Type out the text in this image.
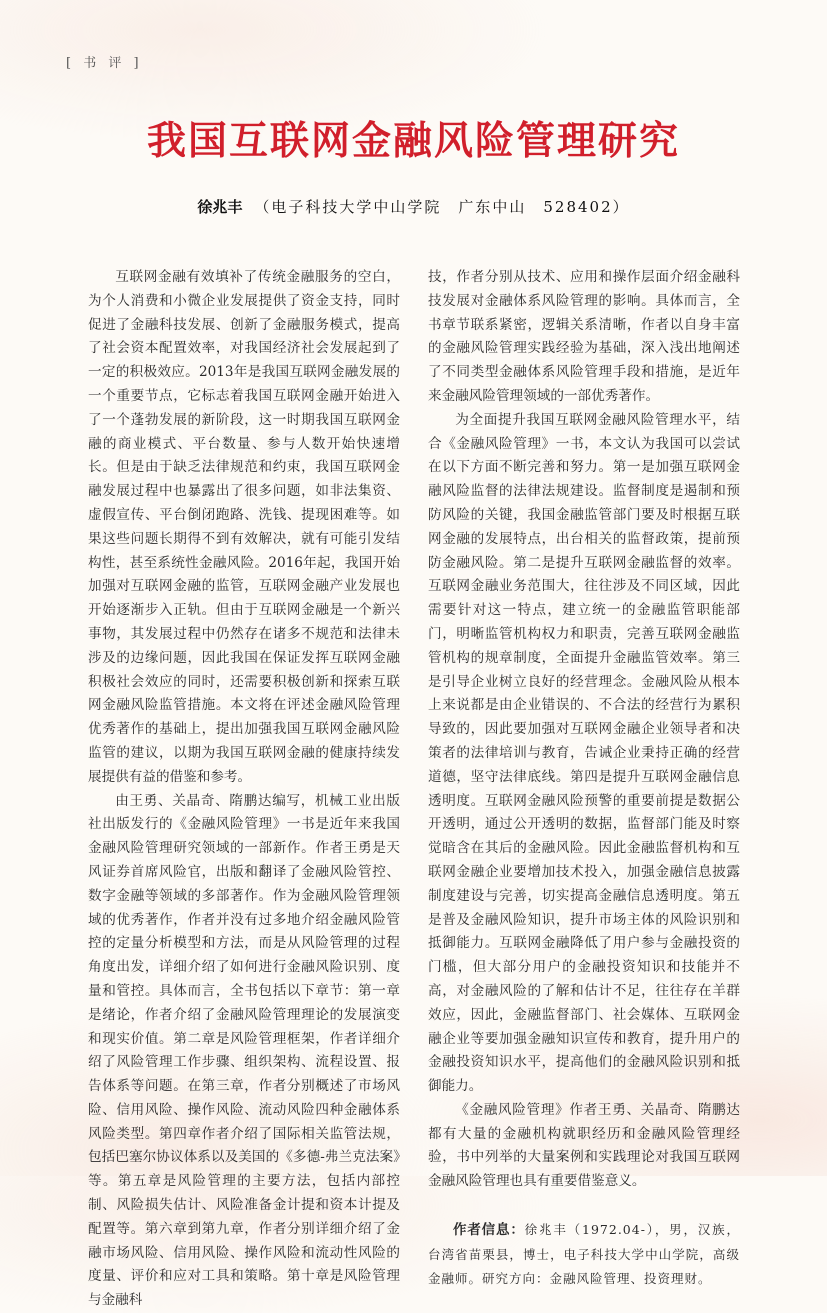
[ 书 评 ]
我国互联网金融风险管理研究
徐兆丰 （电子科技大学中山学院　广东中山　528402）

互联网金融有效填补了传统金融服务的空白，为个人消费和小微企业发展提供了资金支持，同时促进了金融科技发展、创新了金融服务模式，提高了社会资本配置效率，对我国经济社会发展起到了一定的积极效应。2013年是我国互联网金融发展的一个重要节点，它标志着我国互联网金融开始进入了一个蓬勃发展的新阶段，这一时期我国互联网金融的商业模式、平台数量、参与人数开始快速增长。但是由于缺乏法律规范和约束，我国互联网金融发展过程中也暴露出了很多问题，如非法集资、虚假宣传、平台倒闭跑路、洗钱、提现困难等。如果这些问题长期得不到有效解决，就有可能引发结构性，甚至系统性金融风险。2016年起，我国开始加强对互联网金融的监管，互联网金融产业发展也开始逐渐步入正轨。但由于互联网金融是一个新兴事物，其发展过程中仍然存在诸多不规范和法律未涉及的边缘问题，因此我国在保证发挥互联网金融积极社会效应的同时，还需要积极创新和探索互联网金融风险监管措施。本文将在评述金融风险管理优秀著作的基础上，提出加强我国互联网金融风险监管的建议，以期为我国互联网金融的健康持续发展提供有益的借鉴和参考。

由王勇、关晶奇、隋鹏达编写，机械工业出版社出版发行的《金融风险管理》一书是近年来我国金融风险管理研究领域的一部新作。作者王勇是天风证券首席风险官，出版和翻译了金融风险管控、数字金融等领域的多部著作。作为金融风险管理领域的优秀著作，作者并没有过多地介绍金融风险管控的定量分析模型和方法，而是从风险管理的过程角度出发，详细介绍了如何进行金融风险识别、度量和管控。具体而言，全书包括以下章节：第一章是绪论，作者介绍了金融风险管理理论的发展演变和现实价值。第二章是风险管理框架，作者详细介绍了风险管理工作步骤、组织架构、流程设置、报告体系等问题。在第三章，作者分别概述了市场风险、信用风险、操作风险、流动风险四种金融体系风险类型。第四章作者介绍了国际相关监管法规，包括巴塞尔协议体系以及美国的《多德-弗兰克法案》等。第五章是风险管理的主要方法，包括内部控制、风险损失估计、风险准备金计提和资本计提及配置等。第六章到第九章，作者分别详细介绍了金融市场风险、信用风险、操作风险和流动性风险的度量、评价和应对工具和策略。第十章是风险管理与金融科

技，作者分别从技术、应用和操作层面介绍金融科技发展对金融体系风险管理的影响。具体而言，全书章节联系紧密，逻辑关系清晰，作者以自身丰富的金融风险管理实践经验为基础，深入浅出地阐述了不同类型金融体系风险管理手段和措施，是近年来金融风险管理领域的一部优秀著作。

为全面提升我国互联网金融风险管理水平，结合《金融风险管理》一书，本文认为我国可以尝试在以下方面不断完善和努力。第一是加强互联网金融风险监督的法律法规建设。监督制度是遏制和预防风险的关键，我国金融监管部门要及时根据互联网金融的发展特点，出台相关的监督政策，提前预防金融风险。第二是提升互联网金融监督的效率。互联网金融业务范围大，往往涉及不同区域，因此需要针对这一特点，建立统一的金融监管职能部门，明晰监管机构权力和职责，完善互联网金融监管机构的规章制度，全面提升金融监管效率。第三是引导企业树立良好的经营理念。金融风险从根本上来说都是由企业错误的、不合法的经营行为累积导致的，因此要加强对互联网金融企业领导者和决策者的法律培训与教育，告诫企业秉持正确的经营道德，坚守法律底线。第四是提升互联网金融信息透明度。互联网金融风险预警的重要前提是数据公开透明，通过公开透明的数据，监督部门能及时察觉暗含在其后的金融风险。因此金融监督机构和互联网金融企业要增加技术投入，加强金融信息披露制度建设与完善，切实提高金融信息透明度。第五是普及金融风险知识，提升市场主体的风险识别和抵御能力。互联网金融降低了用户参与金融投资的门槛，但大部分用户的金融投资知识和技能并不高，对金融风险的了解和估计不足，往往存在羊群效应，因此，金融监督部门、社会媒体、互联网金融企业等要加强金融知识宣传和教育，提升用户的金融投资知识水平，提高他们的金融风险识别和抵御能力。

《金融风险管理》作者王勇、关晶奇、隋鹏达都有大量的金融机构就职经历和金融风险管理经验，书中列举的大量案例和实践理论对我国互联网金融风险管理也具有重要借鉴意义。

作者信息：徐兆丰（1972.04-），男，汉族，台湾省苗栗县，博士，电子科技大学中山学院，高级金融师。研究方向：金融风险管理、投资理财。
